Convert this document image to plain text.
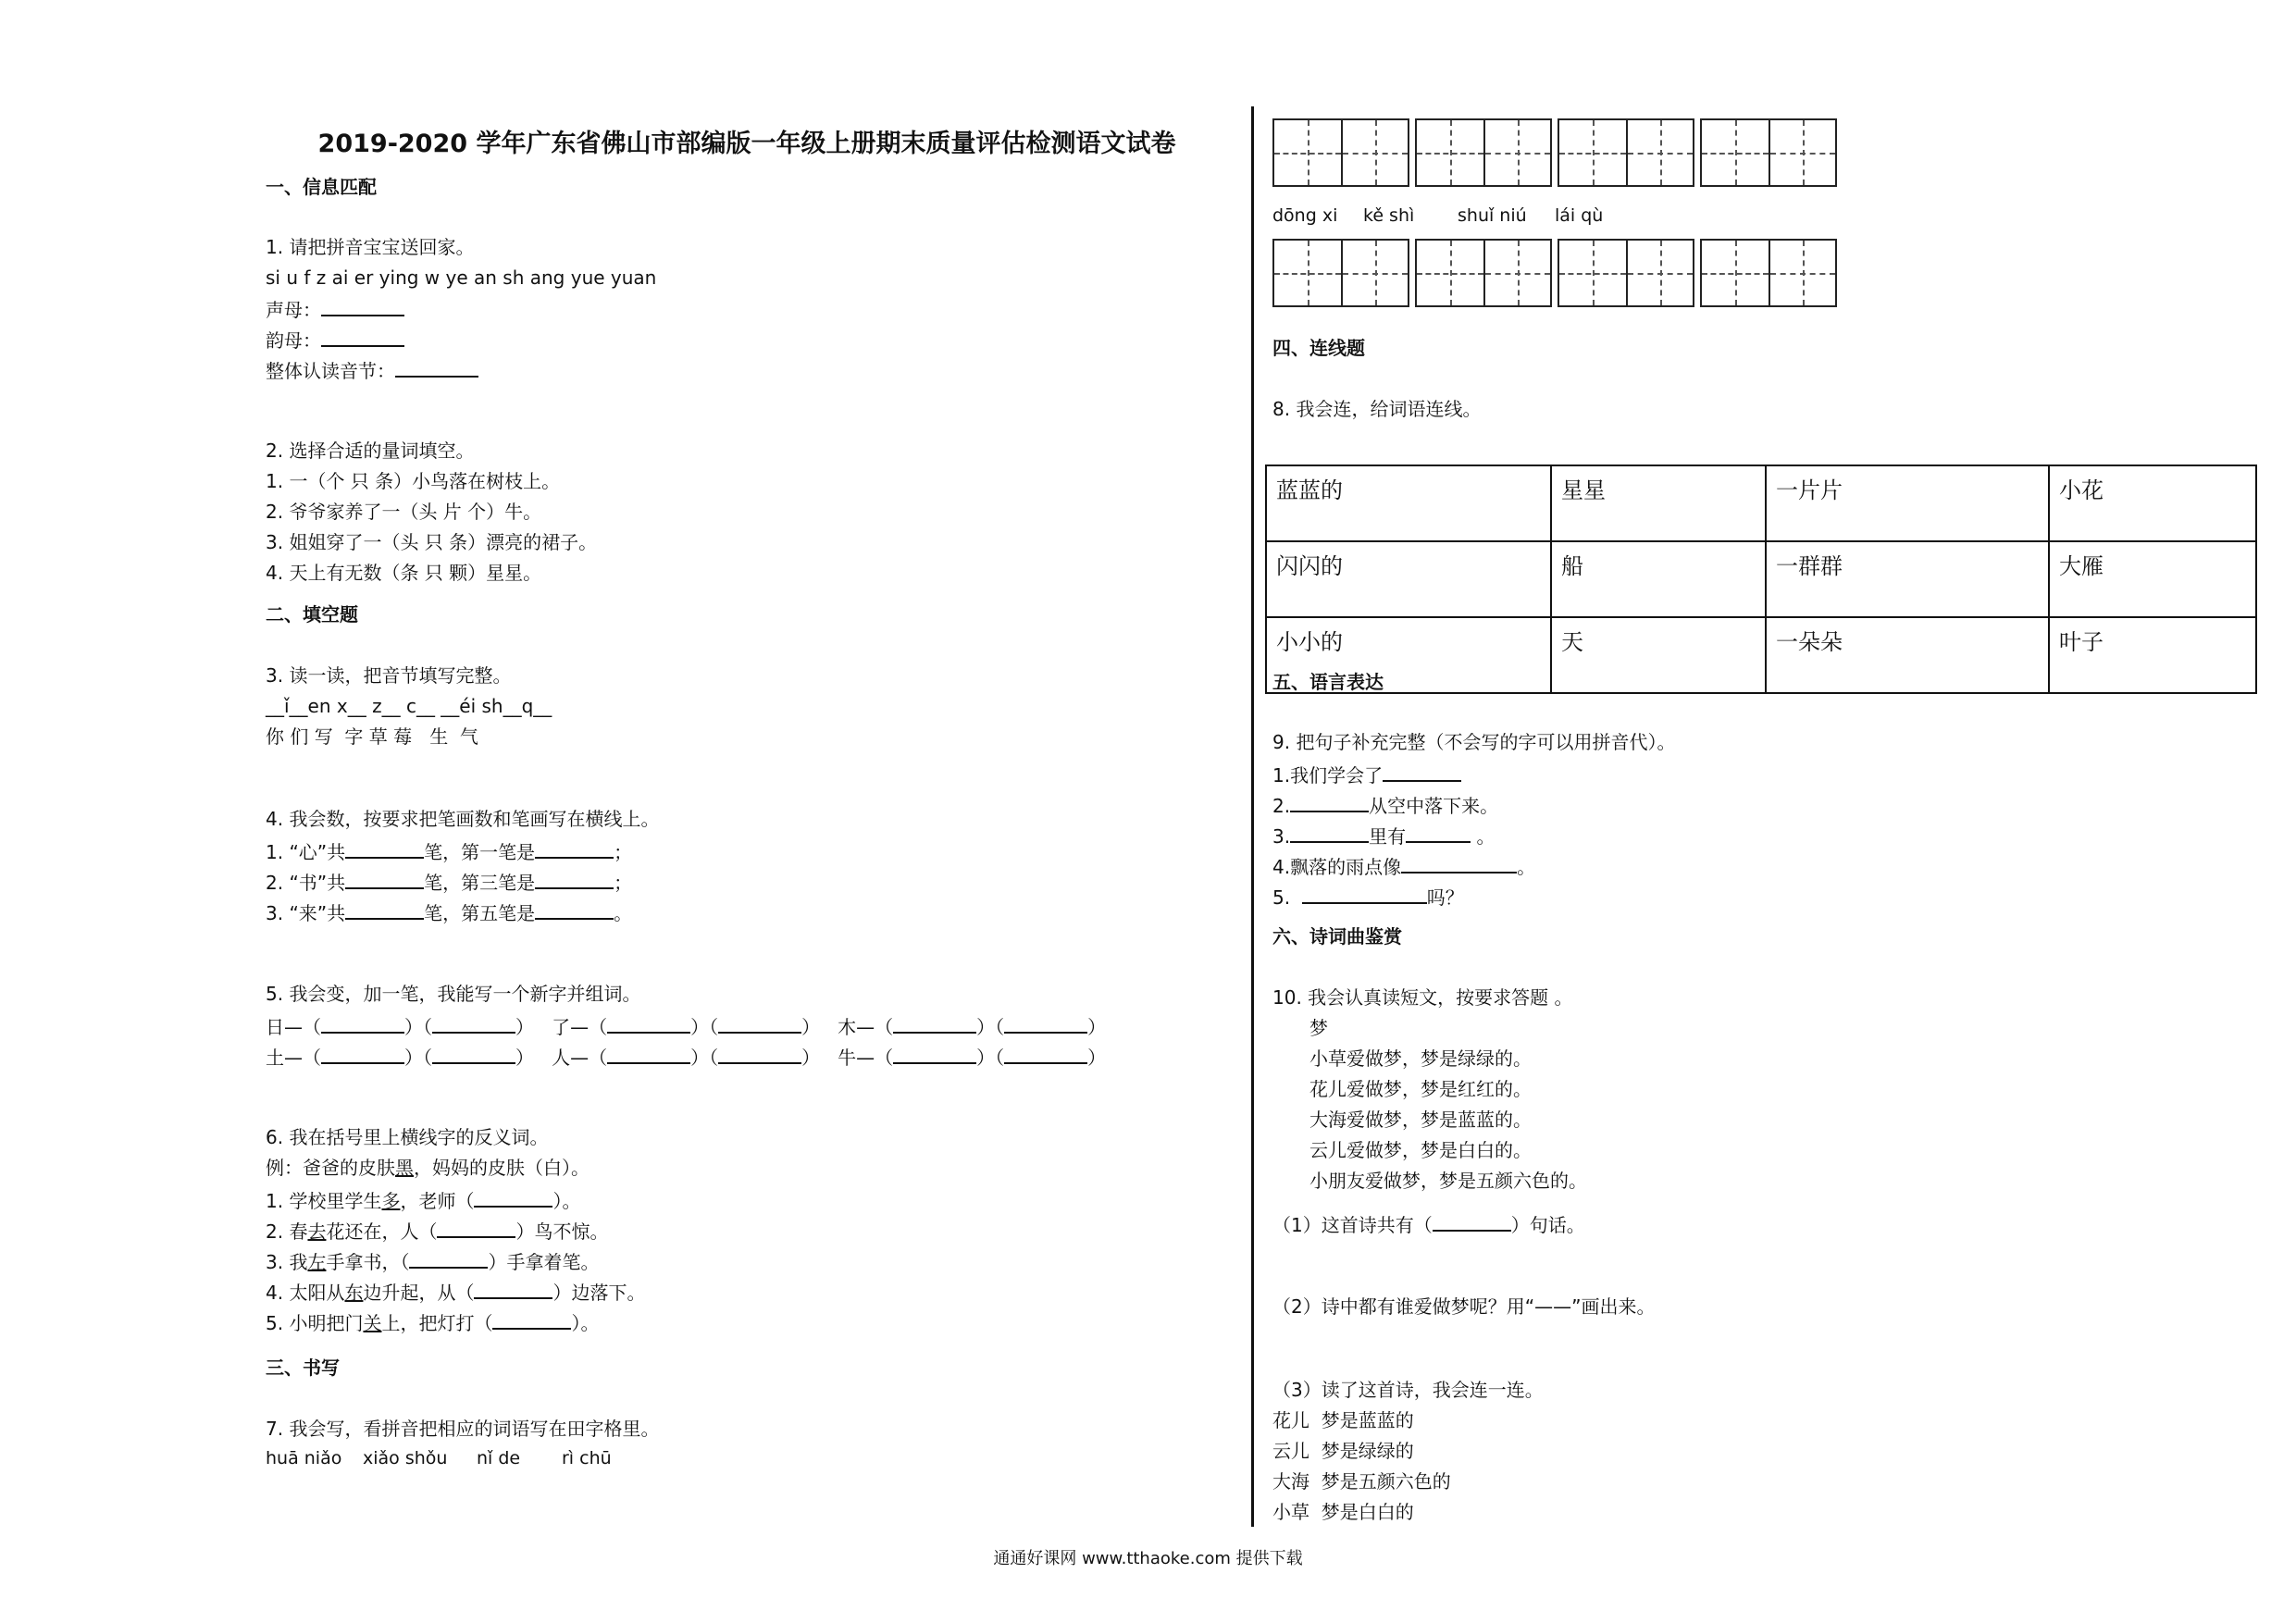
2019-2020 学年广东省佛山市部编版一年级上册期末质量评估检测语文试卷
一、信息匹配
1. 请把拼音宝宝送回家。
si u f z ai er ying w ye an sh ang yue yuan
声母：
韵母：
整体认读音节：
2. 选择合适的量词填空。
1. 一（个 只 条）小鸟落在树枝上。
2. 爷爷家养了一（头 片 个）牛。
3. 姐姐穿了一（头 只 条）漂亮的裙子。
4. 天上有无数（条 只 颗）星星。
二、填空题
3. 读一读，把音节填写完整。
__ǐ__en x__ z__ c__ __éi sh__q__
你 们 写  字 草 莓   生  气
4. 我会数，按要求把笔画数和笔画写在横线上。
1. “心”共	笔，第一笔是	；
2. “书”共	笔，第三笔是	；
3. “来”共	笔，第五笔是	。
5. 我会变，加一笔，我能写一个新字并组词。
日—（	）（	）   了—（	）（	）   木—（	）（	）
土—（	）（	）   人—（	）（	）   牛—（	）（	）
6. 我在括号里上横线字的反义词。
例：爸爸的皮肤黑，妈妈的皮肤（白）。
1. 学校里学生多，老师（	）。
2. 春去花还在，人（	）鸟不惊。
3. 我左手拿书，（	）手拿着笔。
4. 太阳从东边升起，从（	）边落下。
5. 小明把门关上，把灯打（	）。
三、书写
7. 我会写，看拼音把相应的词语写在田字格里。
huā niǎo xiǎo shǒu nǐ de rì chū
dōng xi kě shì shuǐ niú lái qù
四、连线题
8. 我会连，给词语连线。
蓝蓝的	星星	一片片	小花
闪闪的	船	一群群	大雁
小小的	天	一朵朵	叶子
五、语言表达
9. 把句子补充完整（不会写的字可以用拼音代）。
1.我们学会了
2.	从空中落下来。
3.	里有	。
4.飘落的雨点像	。
5.	吗？
六、诗词曲鉴赏
10. 我会认真读短文，按要求答题 。
梦
小草爱做梦，梦是绿绿的。
花儿爱做梦，梦是红红的。
大海爱做梦，梦是蓝蓝的。
云儿爱做梦，梦是白白的。
小朋友爱做梦，梦是五颜六色的。
（1）这首诗共有（	）句话。
（2）诗中都有谁爱做梦呢？用“——”画出来。
（3）读了这首诗，我会连一连。
花儿  梦是蓝蓝的
云儿  梦是绿绿的
大海  梦是五颜六色的
小草  梦是白白的
通通好课网 www.tthaoke.com 提供下载
